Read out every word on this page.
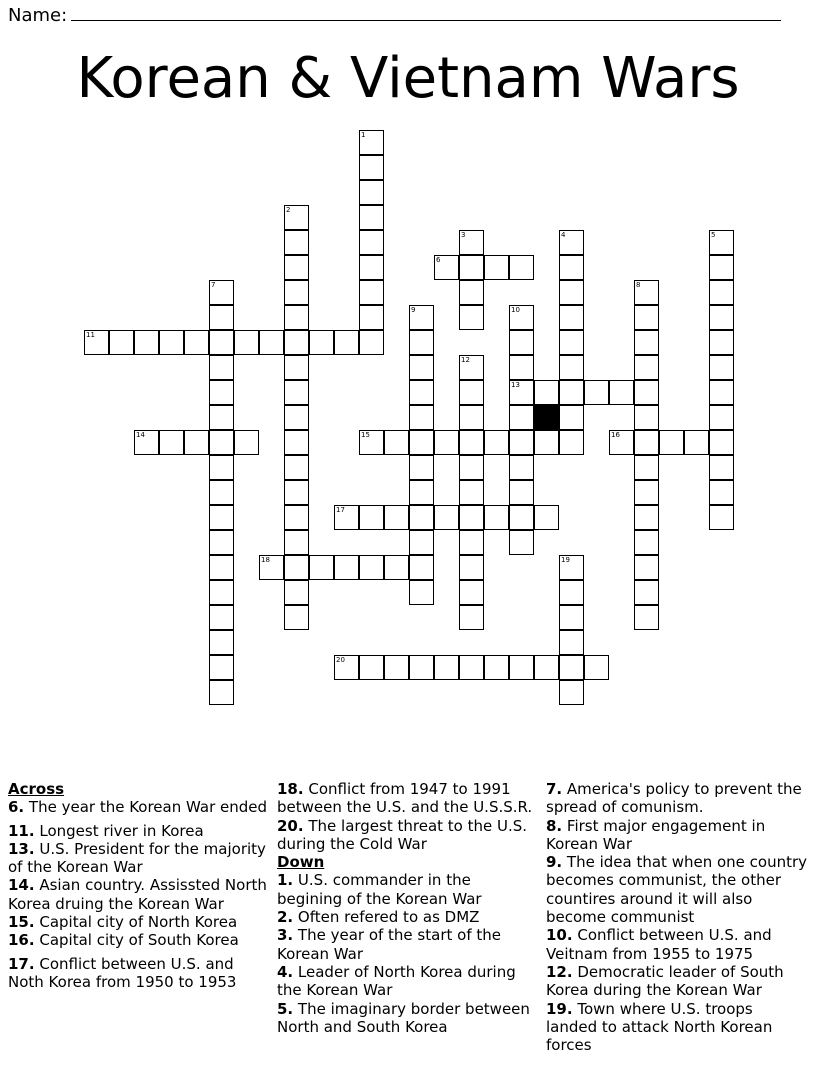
Name:
Korean & Vietnam Wars
6
11
13
14	15	16
17
18
20
1
2
3	4	5
7	8
9	10
12
19

Across

6. The year the Korean War ended

11. Longest river in Korea

13. U.S. President for the majority of the Korean War

14. Asian country. Assissted North Korea druing the Korean War

15. Capital city of North Korea

16. Capital city of South Korea

17. Conflict between U.S. and Noth Korea from 1950 to 1953

18. Conflict from 1947 to 1991 between the U.S. and the U.S.S.R.

20. The largest threat to the U.S. during the Cold War

Down

1. U.S. commander in the begining of the Korean War

2. Often refered to as DMZ

3. The year of the start of the Korean War

4. Leader of North Korea during the Korean War

5. The imaginary border between North and South Korea

7. America's policy to prevent the spread of comunism.

8. First major engagement in Korean War

9. The idea that when one country becomes communist, the other countires around it will also become communist

10. Conflict between U.S. and Veitnam from 1955 to 1975

12. Democratic leader of South Korea during the Korean War

19. Town where U.S. troops landed to attack North Korean forces
